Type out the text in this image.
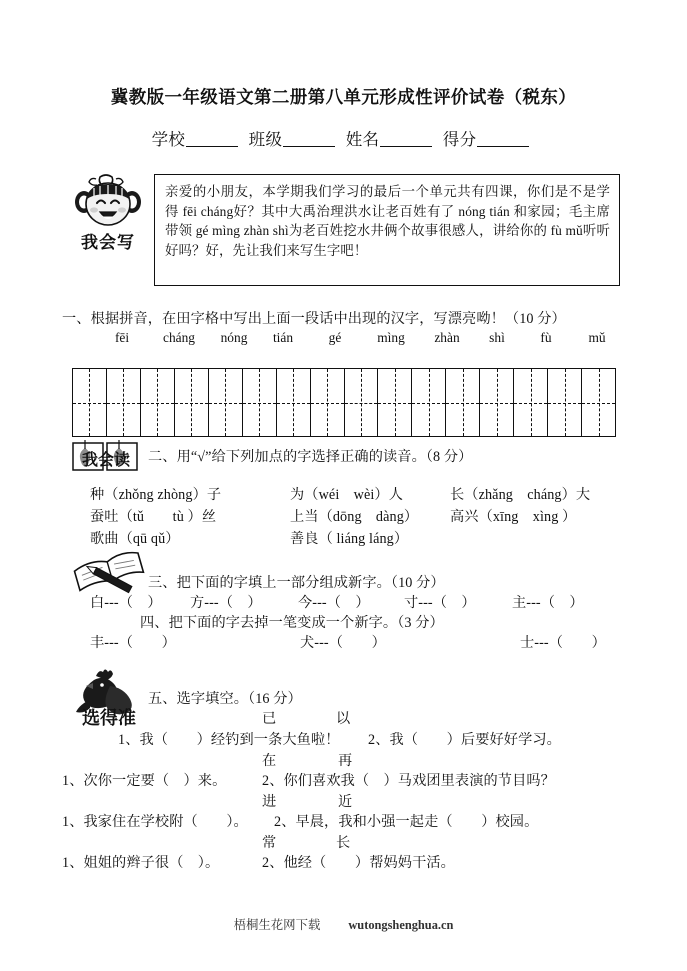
冀教版一年级语文第二册第八单元形成性评价试卷（税东）
学校	班级	姓名	得分
我会写

亲爱的小朋友，本学期我们学习的最后一个单元共有四课，你们是不是学得 fēi cháng好？其中大禹治理洪水让老百姓有了 nóng tián 和家园；毛主席带领 gé mìng zhàn shì为老百姓挖水井俩个故事很感人，讲给你的 fù mǔ听听好吗？好，先让我们来写生字吧！

一、根据拼音，在田字格中写出上面一段话中出现的汉字，写漂亮呦！（10 分）
fēi	cháng	nóng	tián	gé	mìng	zhàn	shì	fù	mǔ
我会读 二、用“√”给下列加点的字选择正确的读音。（8 分）
种（zhǒng zhòng）子	为（wéi　wèi）人	长（zhǎng　cháng）大
蚕吐（tǔ　　tù ）丝	上当（dōng　dàng） 高兴（xīng　xìng ）
歌曲（qū qǔ）	善良（ liáng láng）
三、把下面的字填上一部分组成新字。（10 分）
白---（　） 方---（　）	今---（　） 寸---（　）	主---（　）
四、把下面的字去掉一笔变成一个新字。（3 分）
丰---（　　）	犬---（　　）	士---（　　）
选得准
五、选字填空。（16 分）
已	以
1、我（　　）经钓到一条大鱼啦！ 2、我（　　）后要好好学习。
在	再
1、次你一定要（　）来。	2、你们喜欢我（　）马戏团里表演的节目吗？
进	近
1、我家住在学校附（　　）。 2、早晨，我和小强一起走（　　）校园。
常	长
1、姐姐的辫子很（　）。	2、他经（　　）帮妈妈干活。
梧桐生花网下载 wutongshenghua.cn
